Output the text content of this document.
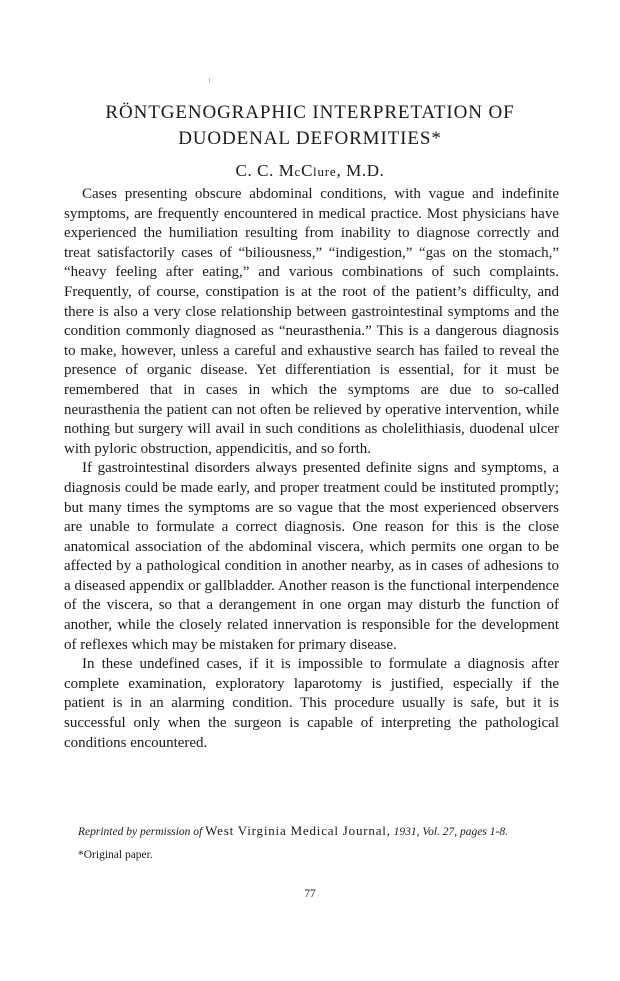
RÖNTGENOGRAPHIC INTERPRETATION OF
DUODENAL DEFORMITIES*
C. C. McClure, M.D.

Cases presenting obscure abdominal conditions, with vague and indefinite symptoms, are frequently encountered in medical practice. Most physicians have experienced the humiliation resulting from inability to diagnose correctly and treat satisfactorily cases of “biliousness,” “indigestion,” “gas on the stomach,” “heavy feeling after eating,” and various combinations of such complaints. Frequently, of course, constipation is at the root of the patient’s difficulty, and there is also a very close relationship between gastrointestinal symptoms and the condition commonly diagnosed as “neurasthenia.” This is a dangerous diagnosis to make, however, unless a careful and exhaustive search has failed to reveal the presence of organic disease. Yet differentiation is essential, for it must be remembered that in cases in which the symptoms are due to so-called neurasthenia the patient can not often be relieved by operative intervention, while nothing but surgery will avail in such conditions as cholelithiasis, duodenal ulcer with pyloric obstruction, appendicitis, and so forth.

If gastrointestinal disorders always presented definite signs and symptoms, a diagnosis could be made early, and proper treatment could be instituted promptly; but many times the symptoms are so vague that the most experienced observers are unable to formulate a correct diagnosis. One reason for this is the close anatomical association of the abdominal viscera, which permits one organ to be affected by a pathological condition in another nearby, as in cases of adhesions to a diseased appendix or gallbladder. Another reason is the functional interpendence of the viscera, so that a derangement in one organ may disturb the function of another, while the closely related innervation is responsible for the development of reflexes which may be mistaken for primary disease.

In these undefined cases, if it is impossible to formulate a diagnosis after complete examination, exploratory laparotomy is justified, especially if the patient is in an alarming condition. This procedure usually is safe, but it is successful only when the surgeon is capable of interpreting the pathological conditions encountered.

Reprinted by permission of West Virginia Medical Journal, 1931, Vol. 27, pages 1-8.

*Original paper.

77
